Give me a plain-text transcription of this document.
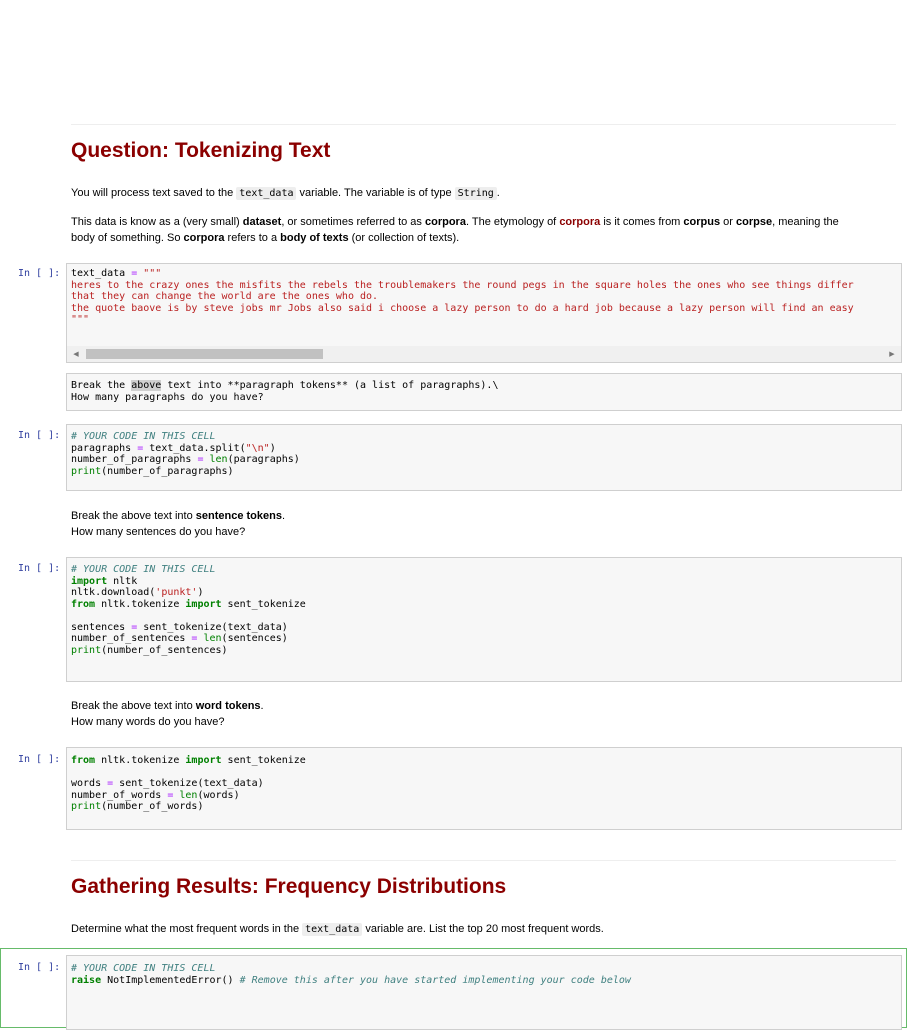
Question: Tokenizing Text
You will process text saved to the text_data variable. The variable is of type String .
This data is know as a (very small) dataset, or sometimes referred to as corpora. The etymology of corpora is it comes from corpus or corpse, meaning the
body of something. So corpora refers to a body of texts (or collection of texts).
In [ ]: text_data = """
heres to the crazy ones the misfits the rebels the troublemakers the round pegs in the square holes the ones who see things differ
that they can change the world are the ones who do.
the quote baove is by steve jobs mr Jobs also said i choose a lazy person to do a hard job because a lazy person will find an easy
"""
◀	▶
Break the above text into **paragraph tokens** (a list of paragraphs).\
How many paragraphs do you have?
In [ ]: # YOUR CODE IN THIS CELL
paragraphs = text_data.split("\n")
number_of_paragraphs = len(paragraphs)
print(number_of_paragraphs)
Break the above text into sentence tokens.
How many sentences do you have?
In [ ]: # YOUR CODE IN THIS CELL
import nltk
nltk.download('punkt')
from nltk.tokenize import sent_tokenize

sentences = sent_tokenize(text_data)
number_of_sentences = len(sentences)
print(number_of_sentences)
Break the above text into word tokens.
How many words do you have?
In [ ]: from nltk.tokenize import sent_tokenize

words = sent_tokenize(text_data)
number_of_words = len(words)
print(number_of_words)
Gathering Results: Frequency Distributions
Determine what the most frequent words in the text_data variable are. List the top 20 most frequent words.
In [ ]: # YOUR CODE IN THIS CELL
raise NotImplementedError() # Remove this after you have started implementing your code below
